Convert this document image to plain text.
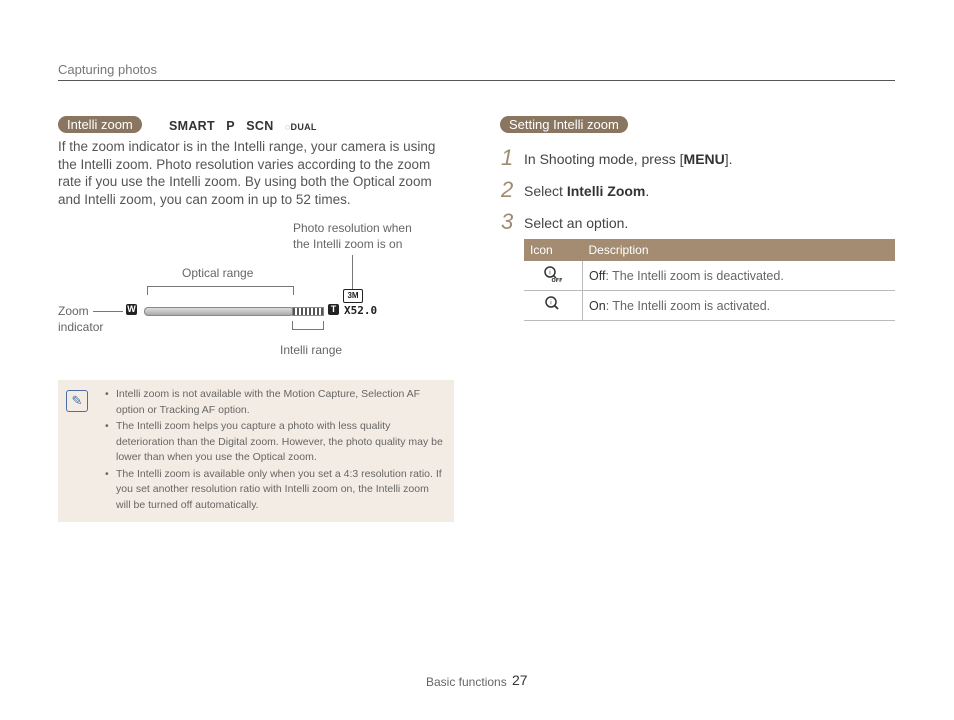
Capturing photos
Intelli zoom	SMART P SCN ◌DUAL
If the zoom indicator is in the Intelli range, your camera is using the Intelli zoom. Photo resolution varies according to the zoom rate if you use the Intelli zoom. By using both the Optical zoom and Intelli zoom, you can zoom in up to 52 times.
Photo resolution when
the Intelli zoom is on
Optical range
Zoom
indicator
W	T
3M
X52.0
Intelli range
✎	• Intelli zoom is not available with the Motion Capture, Selection AF option or Tracking AF option.
• The Intelli zoom helps you capture a photo with less quality deterioration than the Digital zoom. However, the photo quality may be lower than when you use the Optical zoom.
• The Intelli zoom is available only when you set a 4:3 resolution ratio. If you set another resolution ratio with Intelli zoom on, the Intelli zoom will be turned off automatically.
Setting Intelli zoom
1 In Shooting mode, press [MENU].
2 Select Intelli Zoom.
3 Select an option.
Icon	Description

i
OFF	Off: The Intelli zoom is deactivated.

i	On: The Intelli zoom is activated.
Basic functions 27
